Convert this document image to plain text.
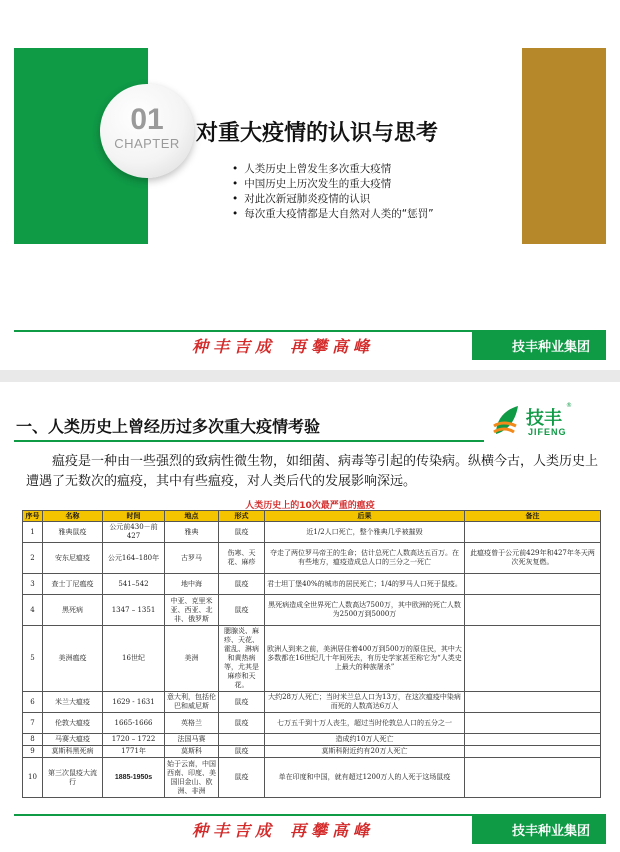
01
CHAPTER 对重大疫情的认识与思考
• 人类历史上曾发生多次重大疫情
• 中国历史上历次发生的重大疫情
• 对此次新冠肺炎疫情的认识
• 每次重大疫情都是大自然对人类的“惩罚”
种丰吉成 再攀高峰	技丰种业集团
一、人类历史上曾经历过多次重大疫情考验	技丰
®
JIFENG
瘟疫是一种由一些强烈的致病性微生物，如细菌、病毒等引起的传染病。纵横今古，人类历史上遭遇了无数次的瘟疫，其中有些瘟疫，对人类后代的发展影响深远。
人类历史上的10次最严重的瘟疫
序号	名称	时间	地点	形式	后果	备注
1	雅典鼠疫	公元前430－前427	雅典	鼠疫	近1/2人口死亡，整个雅典几乎被摧毁	
2	安东尼瘟疫	公元164–180年	古罗马	伤寒、天花、麻疹	夺走了两位罗马帝王的生命；估计总死亡人数高达五百万。在有些地方，瘟疫造成总人口的三分之一死亡	此瘟疫曾于公元前429年和427年冬天两次死灰复燃。
3	查士丁尼瘟疫	541–542	地中海	鼠疫	君士坦丁堡40%的城市的居民死亡；1/4的罗马人口死于鼠疫。	
4	黑死病	1347 – 1351	中亚、克里米亚、西亚、北非、俄罗斯	鼠疫	黑死病造成全世界死亡人数高达7500万，其中欧洲的死亡人数为2500万到5000万	
5	美洲瘟疫	16世纪	美洲	腮腺炎、麻疹、天花、霍乱、淋病和黄热病等，尤其是麻疹和天花。	欧洲人到来之前，美洲居住着400万到500万的原住民，其中大多数都在16世纪几十年间死去，有历史学家甚至称它为“人类史上最大的种族屠杀”	
6	米兰大瘟疫	1629 - 1631	意大利，包括伦巴和威尼斯	鼠疫	大约28万人死亡；当时米兰总人口为13万，在这次瘟疫中染病而死的人数高达6万人	
7	伦敦大瘟疫	1665-1666	英格兰	鼠疫	七万五千到十万人丧生，超过当时伦敦总人口的五分之一	
8	马赛大瘟疫	1720 – 1722	法国马赛		造成约10万人死亡	
9	莫斯科黑死病	1771年	莫斯科	鼠疫	莫斯科附近约有20万人死亡	
10	第三次鼠疫大流行	1885-1950s	始于云南，中国西南、印度、美国旧金山、欧洲、非洲	鼠疫	单在印度和中国，就有超过1200万人的人死于这场鼠疫	
种丰吉成 再攀高峰	技丰种业集团
